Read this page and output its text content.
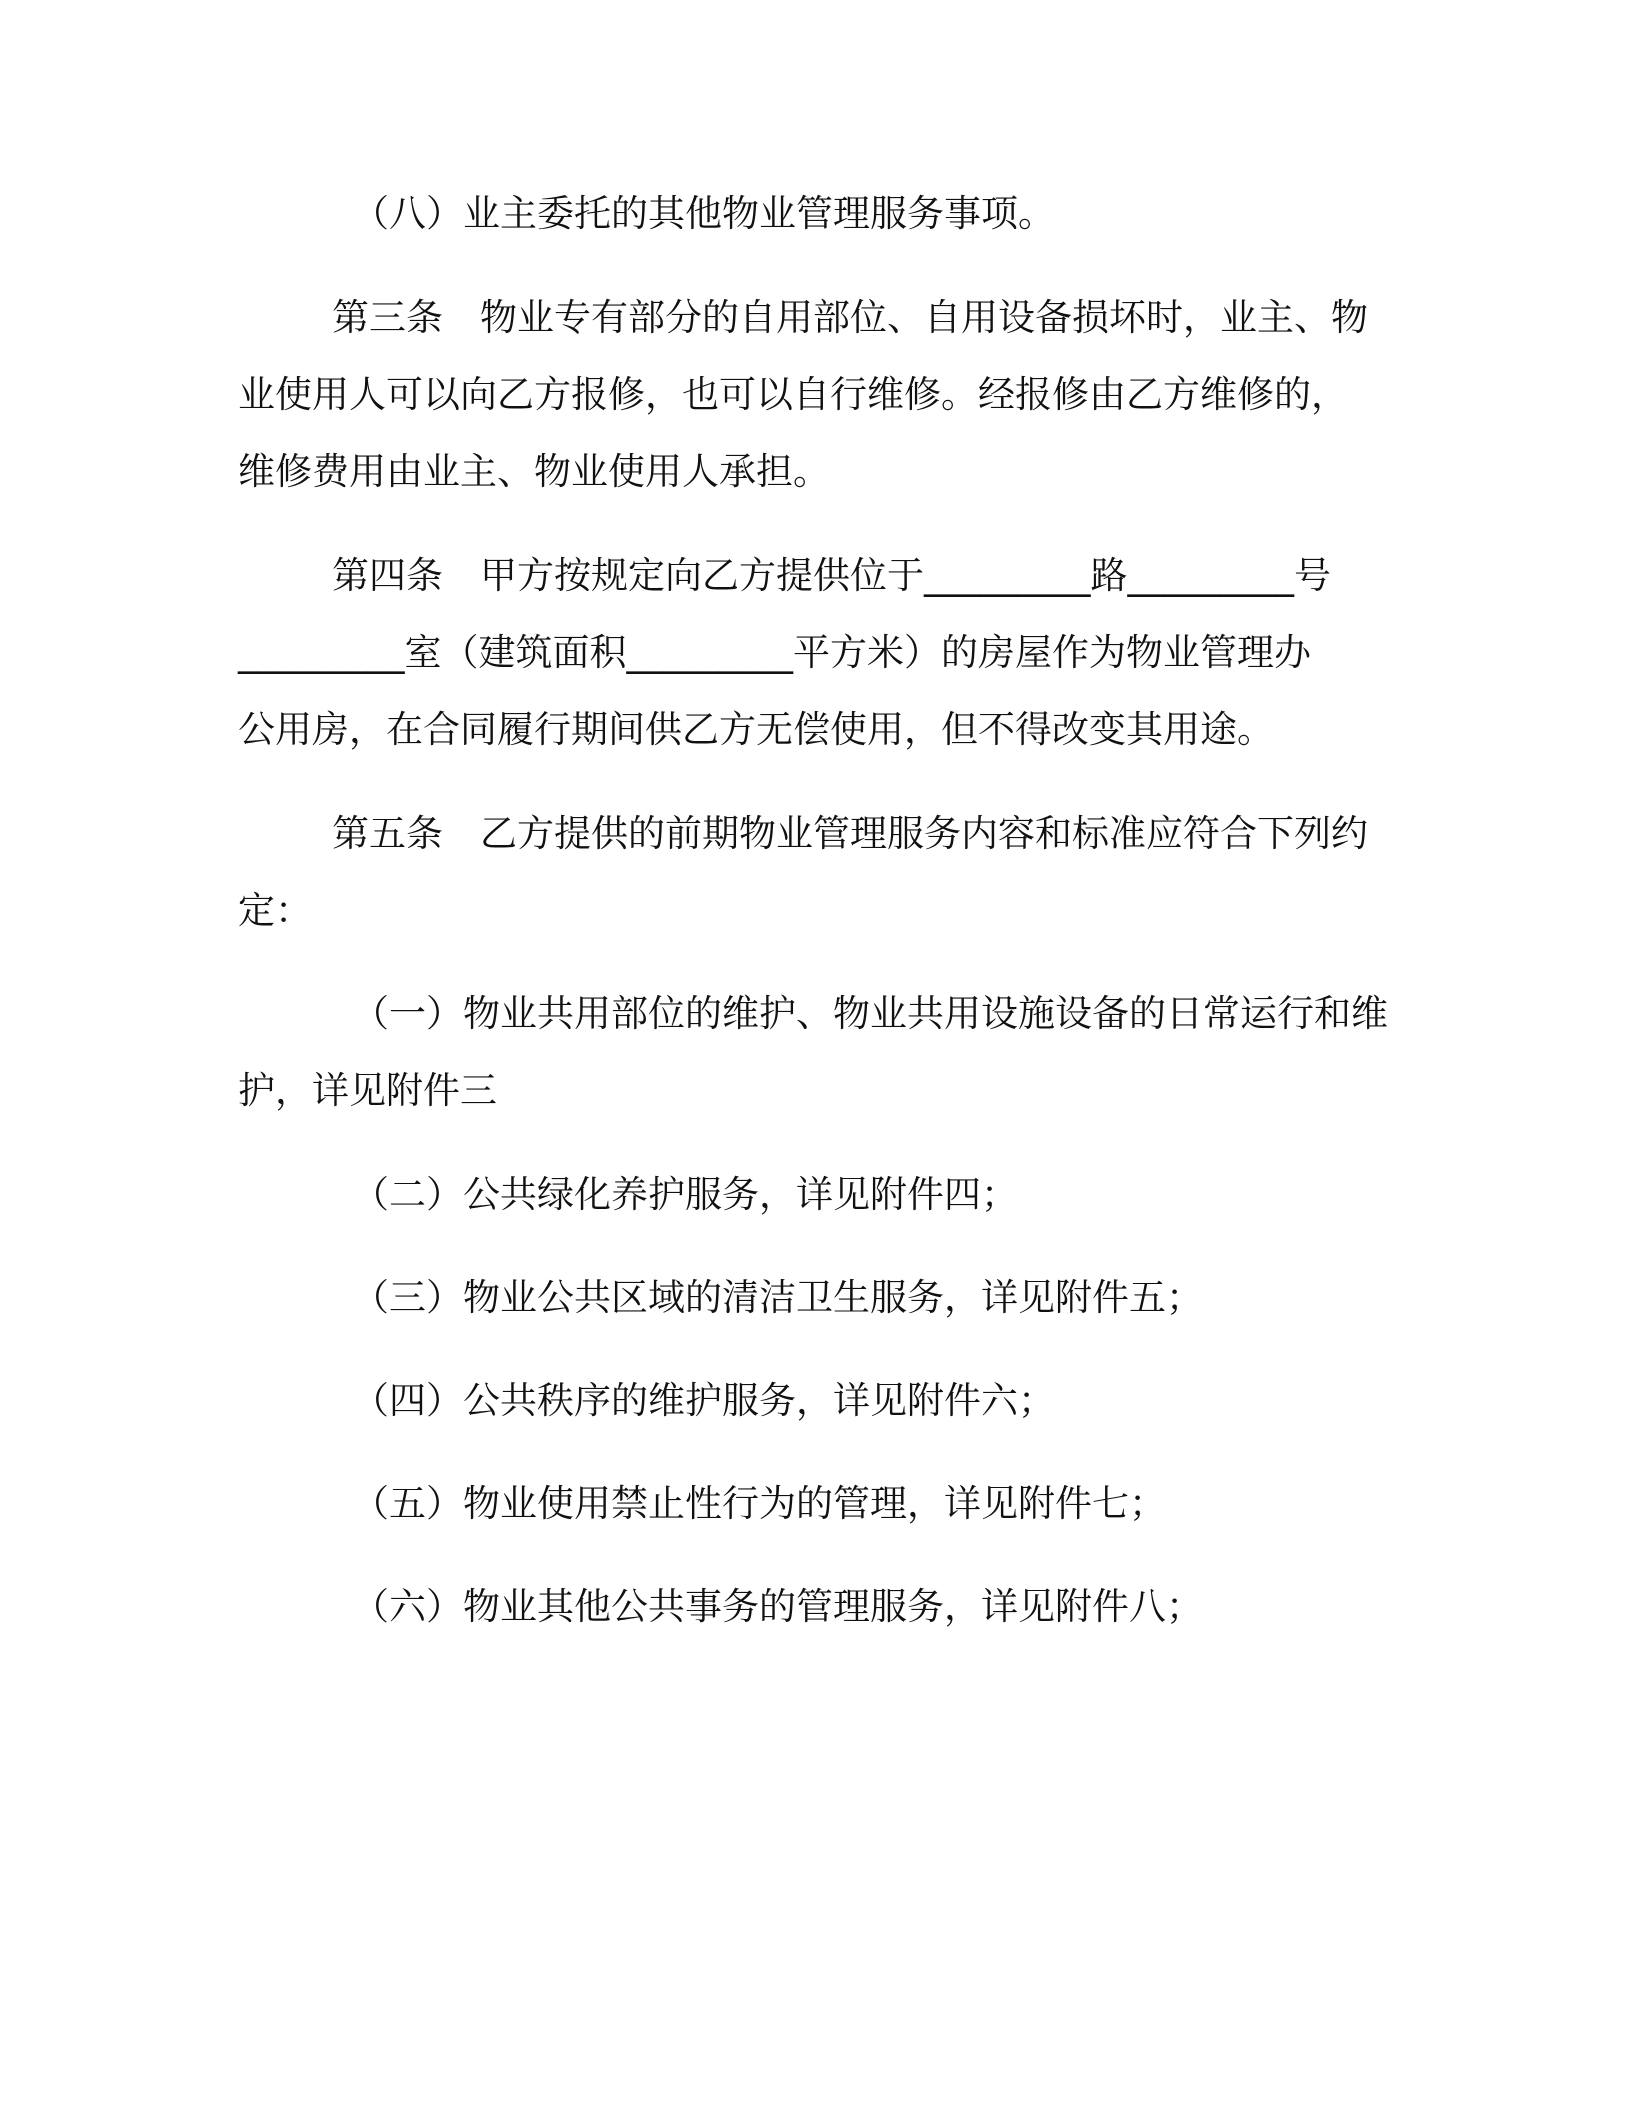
（八）业主委托的其他物业管理服务事项。
第三条　物业专有部分的自用部位、自用设备损坏时，业主、物
业使用人可以向乙方报修，也可以自行维修。经报修由乙方维修的，
维修费用由业主、物业使用人承担。
第四条　甲方按规定向乙方提供位于_________路_________号
_________室（建筑面积_________平方米）的房屋作为物业管理办
公用房，在合同履行期间供乙方无偿使用，但不得改变其用途。
第五条　乙方提供的前期物业管理服务内容和标准应符合下列约
定：
（一）物业共用部位的维护、物业共用设施设备的日常运行和维
护，详见附件三
（二）公共绿化养护服务，详见附件四；
（三）物业公共区域的清洁卫生服务，详见附件五；
（四）公共秩序的维护服务，详见附件六；
（五）物业使用禁止性行为的管理，详见附件七；
（六）物业其他公共事务的管理服务，详见附件八；
